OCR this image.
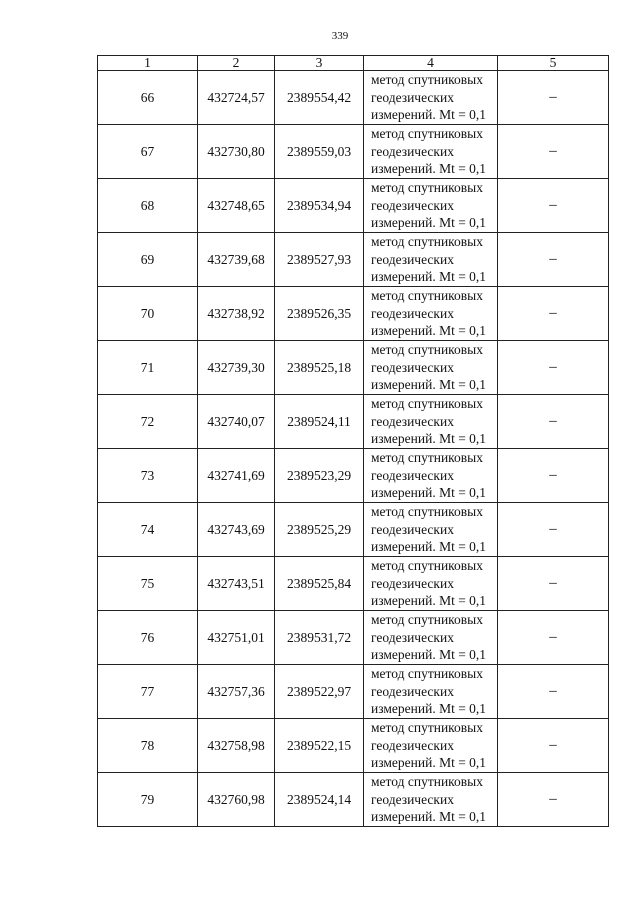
339
1	2	3	4	5
66	432724,57	2389554,42	метод спутниковых
геодезических
измерений. Mt = 0,1	–
67	432730,80	2389559,03	метод спутниковых
геодезических
измерений. Mt = 0,1	–
68	432748,65	2389534,94	метод спутниковых
геодезических
измерений. Mt = 0,1	–
69	432739,68	2389527,93	метод спутниковых
геодезических
измерений. Mt = 0,1	–
70	432738,92	2389526,35	метод спутниковых
геодезических
измерений. Mt = 0,1	–
71	432739,30	2389525,18	метод спутниковых
геодезических
измерений. Mt = 0,1	–
72	432740,07	2389524,11	метод спутниковых
геодезических
измерений. Mt = 0,1	–
73	432741,69	2389523,29	метод спутниковых
геодезических
измерений. Mt = 0,1	–
74	432743,69	2389525,29	метод спутниковых
геодезических
измерений. Mt = 0,1	–
75	432743,51	2389525,84	метод спутниковых
геодезических
измерений. Mt = 0,1	–
76	432751,01	2389531,72	метод спутниковых
геодезических
измерений. Mt = 0,1	–
77	432757,36	2389522,97	метод спутниковых
геодезических
измерений. Mt = 0,1	–
78	432758,98	2389522,15	метод спутниковых
геодезических
измерений. Mt = 0,1	–
79	432760,98	2389524,14	метод спутниковых
геодезических
измерений. Mt = 0,1	–
